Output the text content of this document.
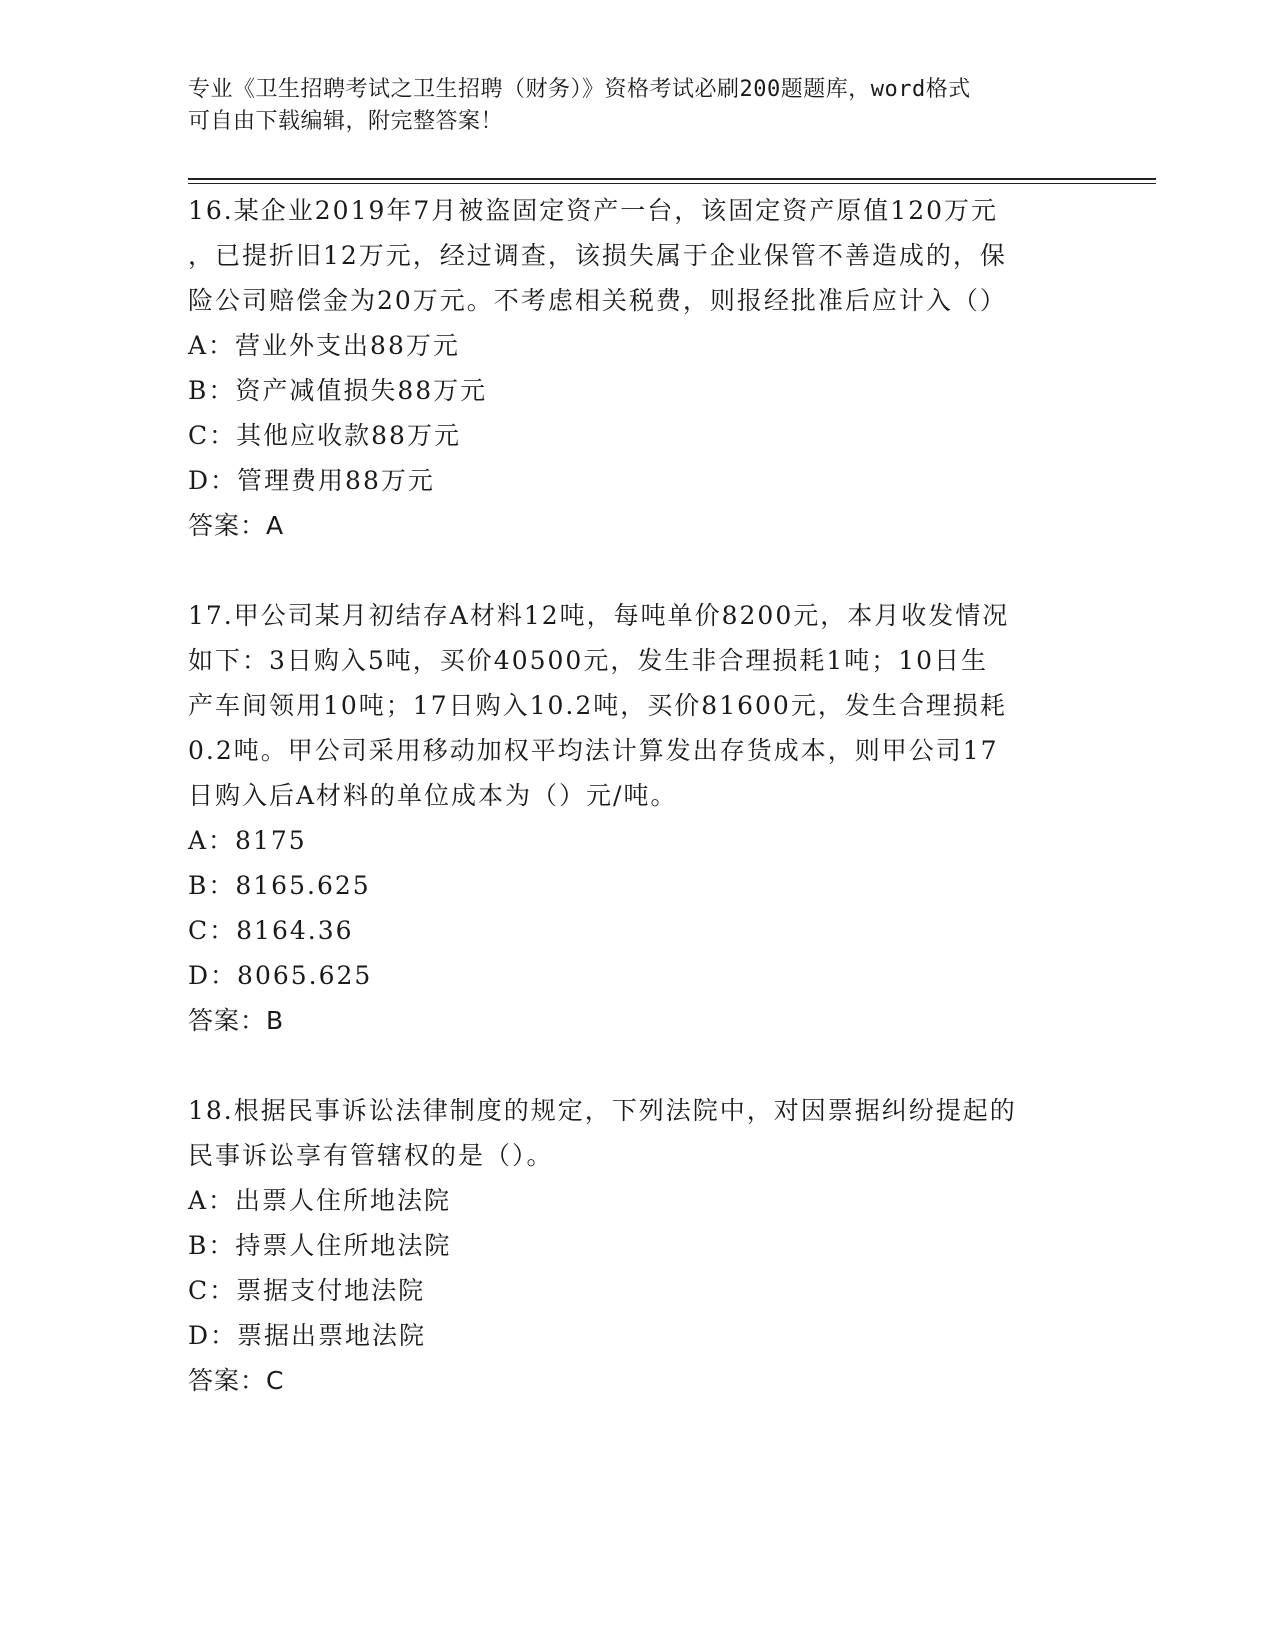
专业《卫生招聘考试之卫生招聘（财务）》资格考试必刷200题题库，word格式
可自由下载编辑，附完整答案！
16.某企业2019年7月被盗固定资产一台，该固定资产原值120万元
，已提折旧12万元，经过调查，该损失属于企业保管不善造成的，保
险公司赔偿金为20万元。不考虑相关税费，则报经批准后应计入（）
A：营业外支出88万元
B：资产减值损失88万元
C：其他应收款88万元
D：管理费用88万元
答案：A
17.甲公司某月初结存A材料12吨，每吨单价8200元，本月收发情况
如下：3日购入5吨，买价40500元，发生非合理损耗1吨；10日生
产车间领用10吨；17日购入10.2吨，买价81600元，发生合理损耗
0.2吨。甲公司采用移动加权平均法计算发出存货成本，则甲公司17
日购入后A材料的单位成本为（）元/吨。
A：8175
B：8165.625
C：8164.36
D：8065.625
答案：B
18.根据民事诉讼法律制度的规定，下列法院中，对因票据纠纷提起的
民事诉讼享有管辖权的是（）。
A：出票人住所地法院
B：持票人住所地法院
C：票据支付地法院
D：票据出票地法院
答案：C
